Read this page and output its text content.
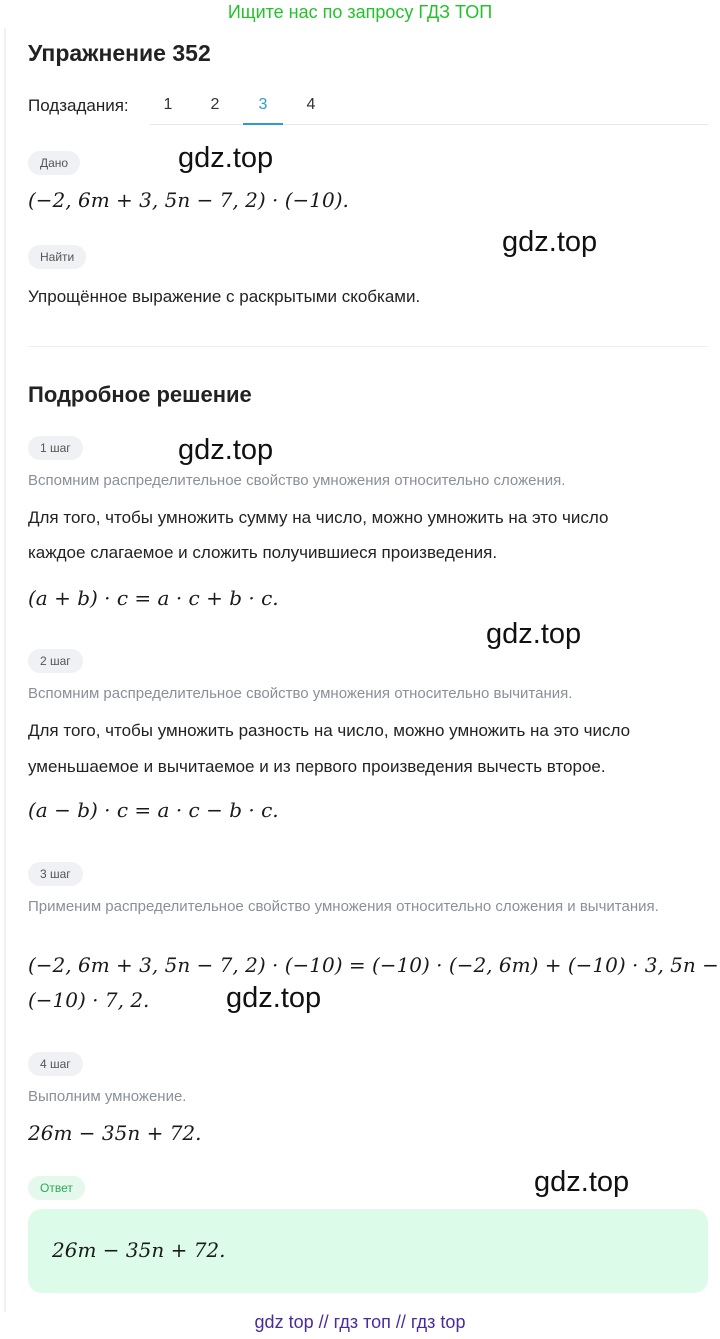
Ищите нас по запросу ГДЗ ТОП
Упражнение 352
Подзадания:	1	2	3	4
Дано
(−2, 6m + 3, 5n − 7, 2) · (−10).
Найти
Упрощённое выражение с раскрытыми скобками.
Подробное решение
1 шаг
Вспомним распределительное свойство умножения относительно сложения.
Для того, чтобы умножить сумму на число, можно умножить на это число
каждое слагаемое и сложить получившиеся произведения.
(a + b) · c = a · c + b · c.
2 шаг
Вспомним распределительное свойство умножения относительно вычитания.
Для того, чтобы умножить разность на число, можно умножить на это число
уменьшаемое и вычитаемое и из первого произведения вычесть второе.
(a − b) · c = a · c − b · c.
3 шаг
Применим распределительное свойство умножения относительно сложения и вычитания.
(−2, 6m + 3, 5n − 7, 2) · (−10) = (−10) · (−2, 6m) + (−10) · 3, 5n −
(−10) · 7, 2.
4 шаг
Выполним умножение.
26m − 35n + 72.
Ответ
26m − 35n + 72.
gdz.top
gdz.top
gdz.top
gdz.top
gdz.top
gdz.top
gdz top // гдз топ // гдз top
